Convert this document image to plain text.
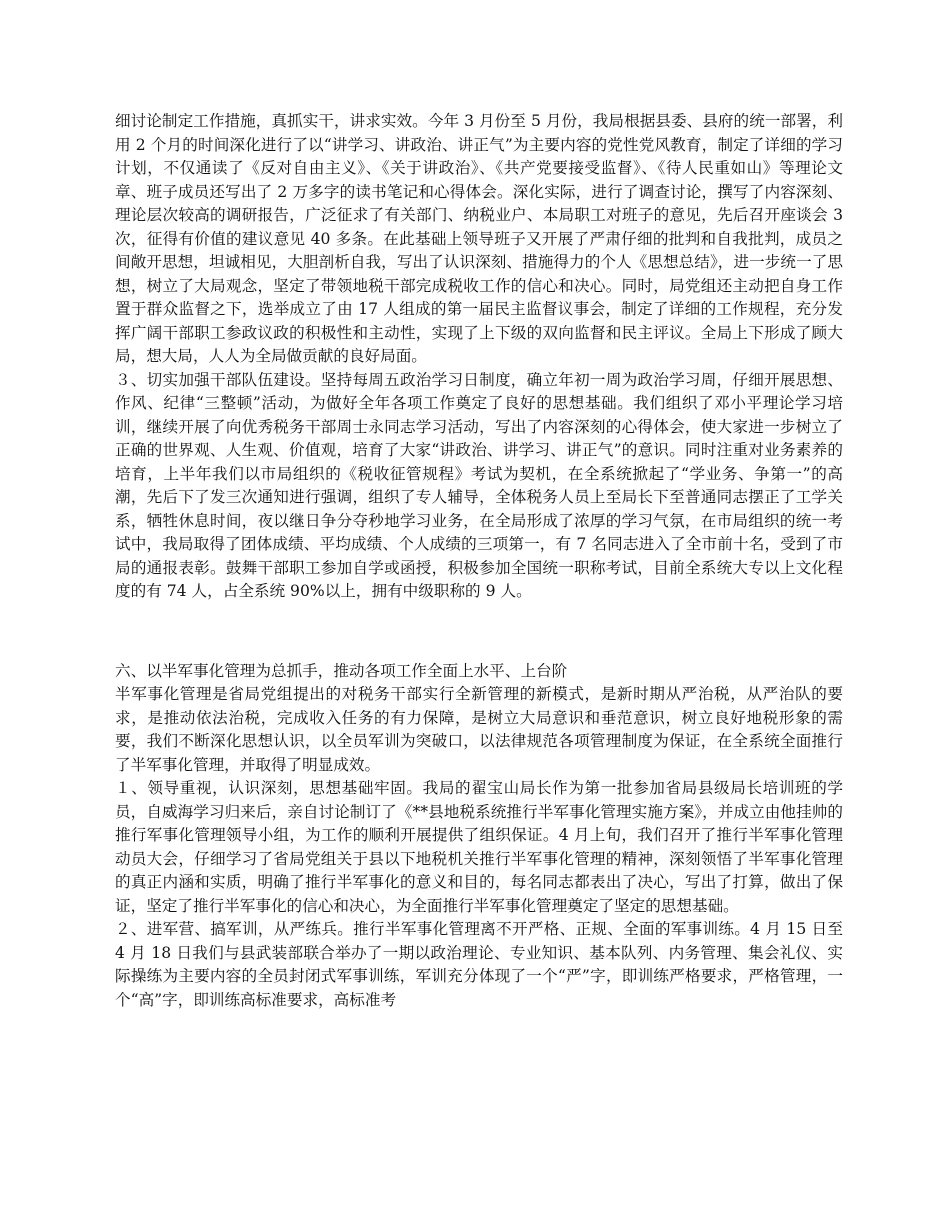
细讨论制定工作措施，真抓实干，讲求实效。今年 3 月份至 5 月份，我局根据县委、县府的统一部署，利用 2 个月的时间深化进行了以“讲学习、讲政治、讲正气”为主要内容的党性党风教育，制定了详细的学习计划，不仅通读了《反对自由主义》、《关于讲政治》、《共产党要接受监督》、《待人民重如山》等理论文章、班子成员还写出了 2 万多字的读书笔记和心得体会。深化实际，进行了调查讨论，撰写了内容深刻、理论层次较高的调研报告，广泛征求了有关部门、纳税业户、本局职工对班子的意见，先后召开座谈会 3 次，征得有价值的建议意见 40 多条。在此基础上领导班子又开展了严肃仔细的批判和自我批判，成员之间敞开思想，坦诚相见，大胆剖析自我，写出了认识深刻、措施得力的个人《思想总结》，进一步统一了思想，树立了大局观念，坚定了带领地税干部完成税收工作的信心和决心。同时，局党组还主动把自身工作置于群众监督之下，选举成立了由 17 人组成的第一届民主监督议事会，制定了详细的工作规程，充分发挥广阔干部职工参政议政的积极性和主动性，实现了上下级的双向监督和民主评议。全局上下形成了顾大局，想大局，人人为全局做贡献的良好局面。

３、切实加强干部队伍建设。坚持每周五政治学习日制度，确立年初一周为政治学习周，仔细开展思想、作风、纪律“三整顿”活动，为做好全年各项工作奠定了良好的思想基础。我们组织了邓小平理论学习培训，继续开展了向优秀税务干部周士永同志学习活动，写出了内容深刻的心得体会，使大家进一步树立了正确的世界观、人生观、价值观，培育了大家“讲政治、讲学习、讲正气”的意识。同时注重对业务素养的培育，上半年我们以市局组织的《税收征管规程》考试为契机，在全系统掀起了“学业务、争第一”的高潮，先后下了发三次通知进行强调，组织了专人辅导，全体税务人员上至局长下至普通同志摆正了工学关系，牺牲休息时间，夜以继日争分夺秒地学习业务，在全局形成了浓厚的学习气氛，在市局组织的统一考试中，我局取得了团体成绩、平均成绩、个人成绩的三项第一，有 7 名同志进入了全市前十名，受到了市局的通报表彰。鼓舞干部职工参加自学或函授，积极参加全国统一职称考试，目前全系统大专以上文化程度的有 74 人，占全系统 90%以上，拥有中级职称的 9 人。

六、以半军事化管理为总抓手，推动各项工作全面上水平、上台阶

半军事化管理是省局党组提出的对税务干部实行全新管理的新模式，是新时期从严治税，从严治队的要求，是推动依法治税，完成收入任务的有力保障，是树立大局意识和垂范意识，树立良好地税形象的需要，我们不断深化思想认识，以全员军训为突破口，以法律规范各项管理制度为保证，在全系统全面推行了半军事化管理，并取得了明显成效。

１、领导重视，认识深刻，思想基础牢固。我局的翟宝山局长作为第一批参加省局县级局长培训班的学员，自威海学习归来后，亲自讨论制订了《**县地税系统推行半军事化管理实施方案》，并成立由他挂帅的推行军事化管理领导小组，为工作的顺利开展提供了组织保证。4 月上旬，我们召开了推行半军事化管理动员大会，仔细学习了省局党组关于县以下地税机关推行半军事化管理的精神，深刻领悟了半军事化管理的真正内涵和实质，明确了推行半军事化的意义和目的，每名同志都表出了决心，写出了打算，做出了保证，坚定了推行半军事化的信心和决心，为全面推行半军事化管理奠定了坚定的思想基础。

２、进军营、搞军训，从严练兵。推行半军事化管理离不开严格、正规、全面的军事训练。4 月 15 日至 4 月 18 日我们与县武装部联合举办了一期以政治理论、专业知识、基本队列、内务管理、集会礼仪、实际操练为主要内容的全员封闭式军事训练，军训充分体现了一个“严”字，即训练严格要求，严格管理，一个“高”字，即训练高标准要求，高标准考
